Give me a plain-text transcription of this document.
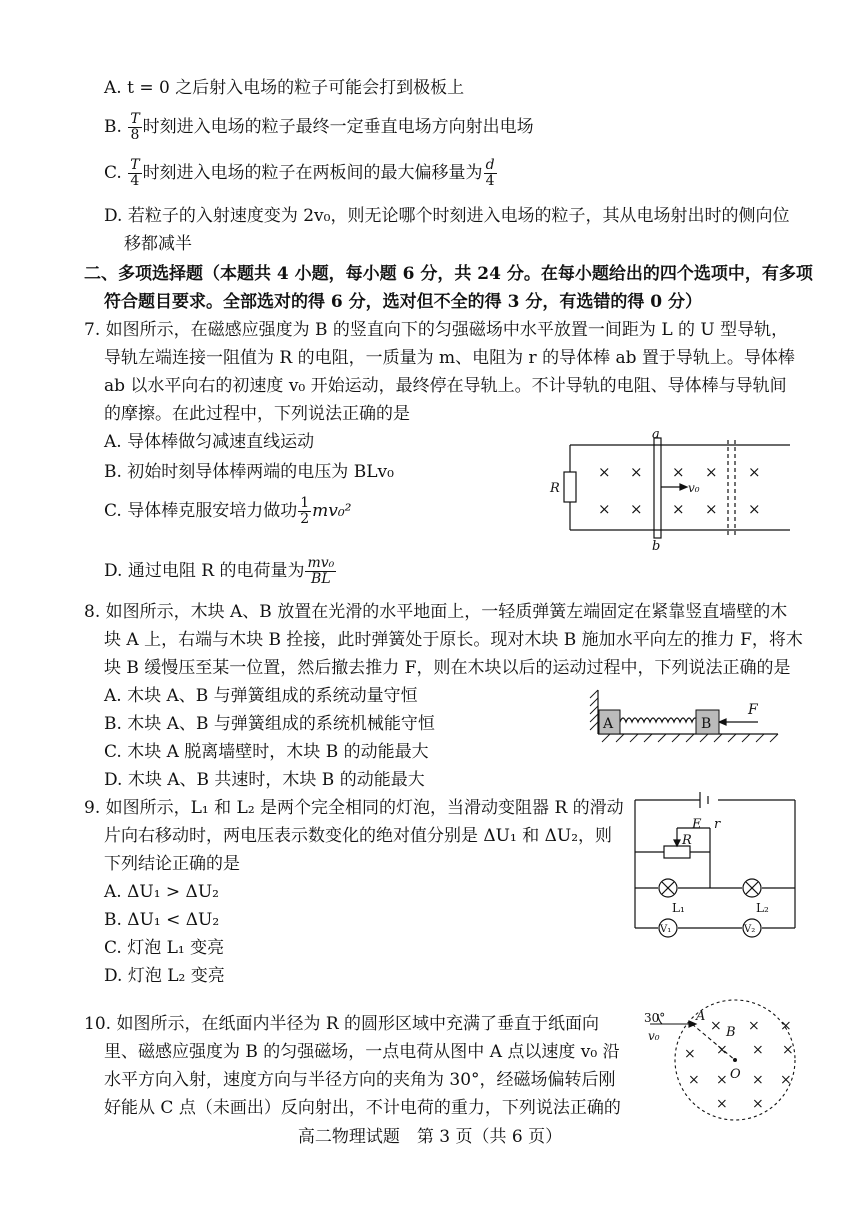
A. t = 0 之后射入电场的粒子可能会打到极板上
B. $\frac{T}{8}$ 时刻进入电场的粒子最终一定垂直电场方向射出电场
C. $\frac{T}{4}$ 时刻进入电场的粒子在两板间的最大偏移量为 $\frac{d}{4}$
D. 若粒子的入射速度变为 2v₀，则无论哪个时刻进入电场的粒子，其从电场射出时的侧向位
移都减半
二、多项选择题（本题共 4 小题，每小题 6 分，共 24 分。在每小题给出的四个选项中，有多项
符合题目要求。全部选对的得 6 分，选对但不全的得 3 分，有选错的得 0 分）
7. 如图所示，在磁感应强度为 B 的竖直向下的匀强磁场中水平放置一间距为 L 的 U 型导轨，
导轨左端连接一阻值为 R 的电阻，一质量为 m、电阻为 r 的导体棒 ab 置于导轨上。导体棒
ab 以水平向右的初速度 v₀ 开始运动，最终停在导轨上。不计导轨的电阻、导体棒与导轨间
的摩擦。在此过程中，下列说法正确的是
A. 导体棒做匀减速直线运动
B. 初始时刻导体棒两端的电压为 BLv₀
C. 导体棒克服安培力做功 $\frac{1}{2} mv_0^2$
D. 通过电阻 R 的电荷量为 $\frac{\text{mv₀}}{BL}$
a
b
R	v₀
× × × × ×
× × × × ×
8. 如图所示，木块 A、B 放置在光滑的水平地面上，一轻质弹簧左端固定在紧靠竖直墙壁的木
块 A 上，右端与木块 B 拴接，此时弹簧处于原长。现对木块 B 施加水平向左的推力 F，将木
块 B 缓慢压至某一位置，然后撤去推力 F，则在木块以后的运动过程中，下列说法正确的是
A. 木块 A、B 与弹簧组成的系统动量守恒
B. 木块 A、B 与弹簧组成的系统机械能守恒
C. 木块 A 脱离墙壁时，木块 B 的动能最大
D. 木块 A、B 共速时，木块 B 的动能最大
A	B
F
9. 如图所示，L₁ 和 L₂ 是两个完全相同的灯泡，当滑动变阻器 R 的滑动
片向右移动时，两电压表示数变化的绝对值分别是 ΔU₁ 和 ΔU₂，则
下列结论正确的是
A. ΔU₁ > ΔU₂
B. ΔU₁ < ΔU₂
C. 灯泡 L₁ 变亮
D. 灯泡 L₂ 变亮
E r
R
L₁	L₂
V₁	V₂
10. 如图所示，在纸面内半径为 R 的圆形区域中充满了垂直于纸面向
里、磁感应强度为 B 的匀强磁场，一点电荷从图中 A 点以速度 v₀ 沿
水平方向入射，速度方向与半径方向的夹角为 30°，经磁场偏转后刚
好能从 C 点（未画出）反向射出，不计电荷的重力，下列说法正确的
30°
v₀
A
B
O
× × ×
× × × ×
× × × ×
× ×
高二物理试题　第 3 页（共 6 页）
